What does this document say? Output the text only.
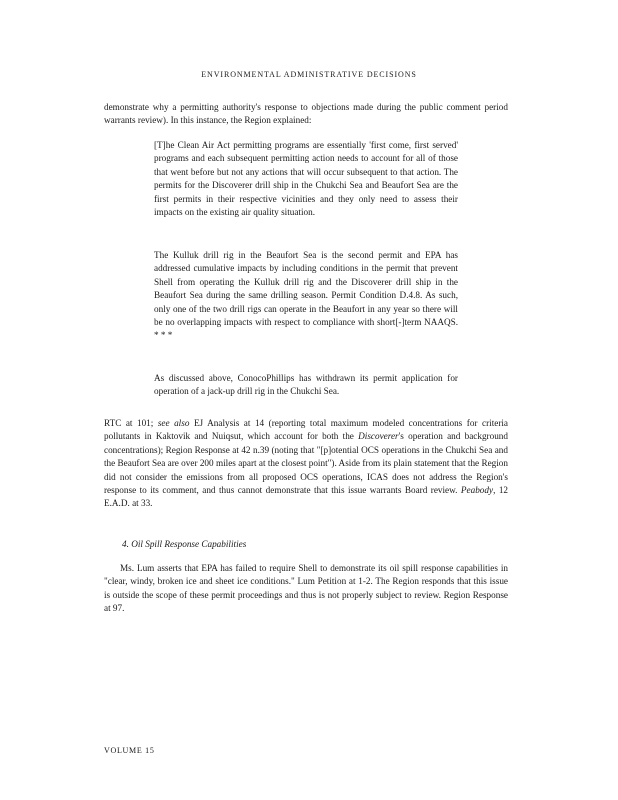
ENVIRONMENTAL ADMINISTRATIVE DECISIONS

demonstrate why a permitting authority's response to objections made during the public comment period warrants review). In this instance, the Region explained:

[T]he Clean Air Act permitting programs are essentially 'first come, first served' programs and each subsequent permitting action needs to account for all of those that went before but not any actions that will occur subsequent to that action. The permits for the Discoverer drill ship in the Chukchi Sea and Beaufort Sea are the first permits in their respective vicinities and they only need to assess their impacts on the existing air quality situation.

The Kulluk drill rig in the Beaufort Sea is the second permit and EPA has addressed cumulative impacts by including conditions in the permit that prevent Shell from operating the Kulluk drill rig and the Discoverer drill ship in the Beaufort Sea during the same drilling season. Permit Condition D.4.8. As such, only one of the two drill rigs can operate in the Beaufort in any year so there will be no overlapping impacts with respect to compliance with short[-]term NAAQS. * * *

As discussed above, ConocoPhillips has withdrawn its permit application for operation of a jack-up drill rig in the Chukchi Sea.

RTC at 101; see also EJ Analysis at 14 (reporting total maximum modeled concentrations for criteria pollutants in Kaktovik and Nuiqsut, which account for both the Discoverer's operation and background concentrations); Region Response at 42 n.39 (noting that "[p]otential OCS operations in the Chukchi Sea and the Beaufort Sea are over 200 miles apart at the closest point"). Aside from its plain statement that the Region did not consider the emissions from all proposed OCS operations, ICAS does not address the Region's response to its comment, and thus cannot demonstrate that this issue warrants Board review. Peabody, 12 E.A.D. at 33.

4. Oil Spill Response Capabilities

Ms. Lum asserts that EPA has failed to require Shell to demonstrate its oil spill response capabilities in "clear, windy, broken ice and sheet ice conditions." Lum Petition at 1-2. The Region responds that this issue is outside the scope of these permit proceedings and thus is not properly subject to review. Region Response at 97.

VOLUME 15
